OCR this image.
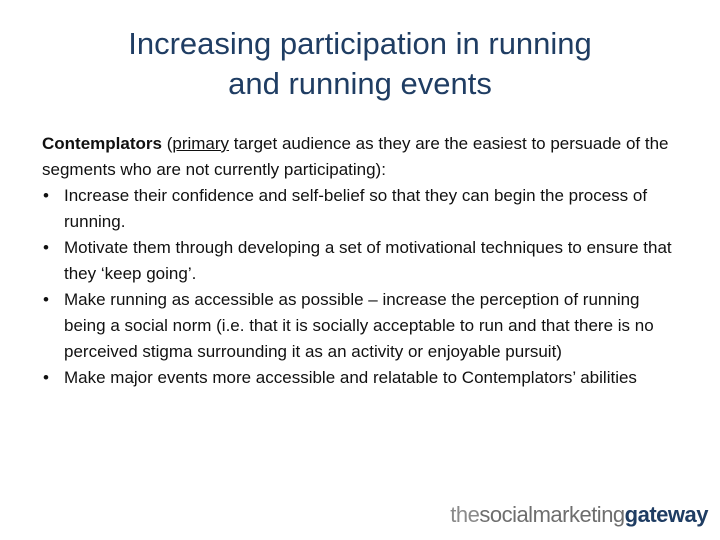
Increasing participation in running
and running events

Contemplators (primary target audience as they are the easiest to persuade of the segments who are not currently participating):

• Increase their confidence and self-belief so that they can begin the process of running.
• Motivate them through developing a set of motivational techniques to ensure that they ‘keep going’.
• Make running as accessible as possible – increase the perception of running being a social norm (i.e. that it is socially acceptable to run and that there is no perceived stigma surrounding it as an activity or enjoyable pursuit)
• Make major events more accessible and relatable to Contemplators’ abilities
thesocialmarketinggateway
